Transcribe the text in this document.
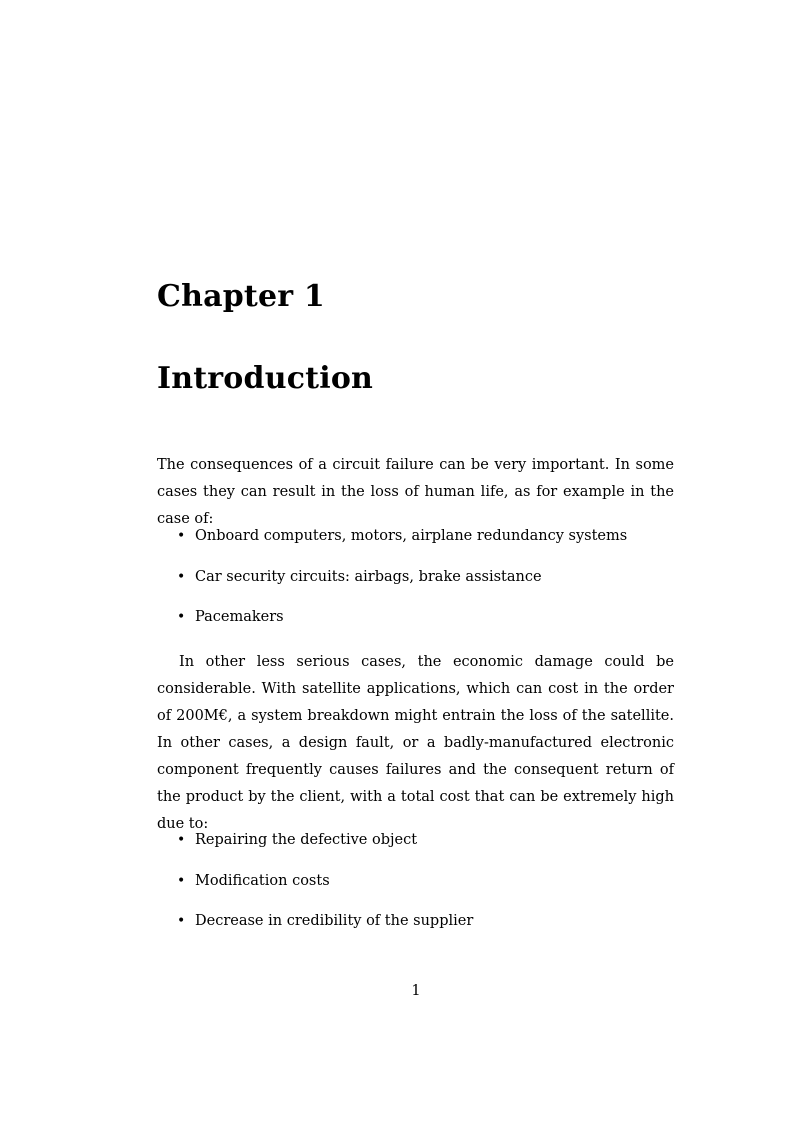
Chapter 1
Introduction

The consequences of a circuit failure can be very important. In some cases they can result in the loss of human life, as for example in the case of:

• Onboard computers, motors, airplane redundancy systems
• Car security circuits: airbags, brake assistance
• Pacemakers

In other less serious cases, the economic damage could be considerable. With satellite applications, which can cost in the order of 200M€, a system breakdown might entrain the loss of the satellite. In other cases, a design fault, or a badly-manufactured electronic component frequently causes failures and the consequent return of the product by the client, with a total cost that can be extremely high due to:

• Repairing the defective object
• Modification costs
• Decrease in credibility of the supplier
1
